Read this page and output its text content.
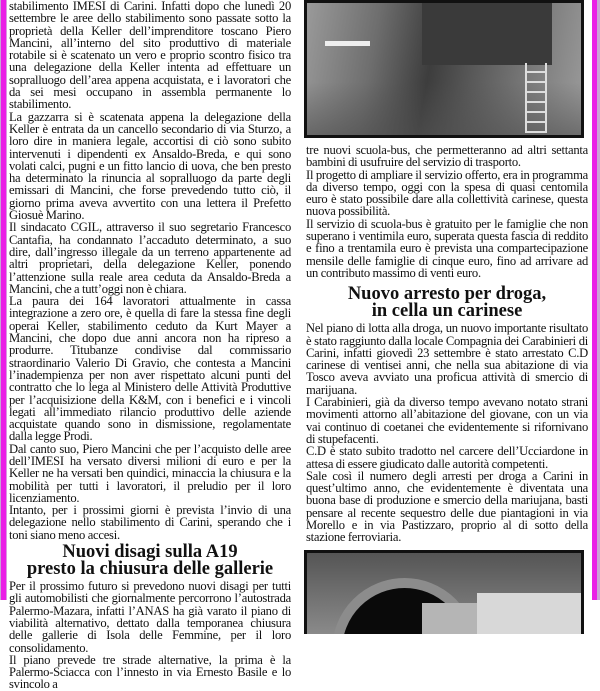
stabilimento IMESI di Carini. Infatti dopo che lunedì 20 settembre le aree dello stabilimento sono passate sotto la proprietà della Keller dell’imprenditore toscano Piero Mancini, all’interno del sito produttivo di materiale rotabile si è scatenato un vero e proprio scontro fisico tra una delegazione della Keller intenta ad effettuare un sopralluogo dell’area appena acquistata, e i lavoratori che da sei mesi occupano in assembla permanente lo stabilimento.

La gazzarra si è scatenata appena la delegazione della Keller è entrata da un cancello secondario di via Sturzo, a loro dire in maniera legale, accortisi di ciò sono subito intervenuti i dipendenti ex Ansaldo-Breda, e qui sono volati calci, pugni e un fitto lancio di uova, che ben presto ha determinato la rinuncia al sopralluogo da parte degli emissari di Mancini, che forse prevedendo tutto ciò, il giorno prima aveva avvertito con una lettera il Prefetto Giosuè Marino.

Il sindacato CGIL, attraverso il suo segretario Francesco Cantafia, ha condannato l’accaduto determinato, a suo dire, dall’ingresso illegale da un terreno appartenente ad altri proprietari, della delegazione Keller, ponendo l’attenzione sulla reale area ceduta da Ansaldo-Breda a Mancini, che a tutt’oggi non è chiara.

La paura dei 164 lavoratori attualmente in cassa integrazione a zero ore, è quella di fare la stessa fine degli operai Keller, stabilimento ceduto da Kurt Mayer a Mancini, che dopo due anni ancora non ha ripreso a produrre. Titubanze condivise dal commissario straordinario Valerio Di Gravio, che contesta a Mancini l’inadempienza per non aver rispettato alcuni punti del contratto che lo lega al Ministero delle Attività Produttive per l’acquisizione della K&M, con i benefici e i vincoli legati all’immediato rilancio produttivo delle aziende acquistate quando sono in dismissione, regolamentate dalla legge Prodi.

Dal canto suo, Piero Mancini che per l’acquisto delle aree dell’IMESI ha versato diversi milioni di euro e per la Keller ne ha versati ben quindici, minaccia la chiusura e la mobilità per tutti i lavoratori, il preludio per il loro licenziamento.

Intanto, per i prossimi giorni è prevista l’invio di una delegazione nello stabilimento di Carini, sperando che i toni siano meno accesi.

Nuovi disagi sulla A19
presto la chiusura delle gallerie

Per il prossimo futuro si prevedono nuovi disagi per tutti gli automobilisti che giornalmente percorrono l’autostrada Palermo-Mazara, infatti l’ANAS ha già varato il piano di viabilità alternativo, dettato dalla temporanea chiusura delle gallerie di Isola delle Femmine, per il loro consolidamento.

Il piano prevede tre strade alternative, la prima è la Palermo-Sciacca con l’innesto in via Ernesto Basile e lo svincolo a

tre nuovi scuola-bus, che permetteranno ad altri settanta bambini di usufruire del servizio di trasporto.

Il progetto di ampliare il servizio offerto, era in programma da diverso tempo, oggi con la spesa di quasi centomila euro è stato possibile dare alla collettività carinese, questa nuova possibilità.

Il servizio di scuola-bus è gratuito per le famiglie che non superano i ventimila euro, superata questa fascia di reddito e fino a trentamila euro è prevista una compartecipazione mensile delle famiglie di cinque euro, fino ad arrivare ad un contributo massimo di venti euro.

Nuovo arresto per droga,
in cella un carinese

Nel piano di lotta alla droga, un nuovo importante risultato è stato raggiunto dalla locale Compagnia dei Carabinieri di Carini, infatti giovedì 23 settembre è stato arrestato C.D carinese di ventisei anni, che nella sua abitazione di via Tosco aveva avviato una proficua attività di smercio di marijuana.

I Carabinieri, già da diverso tempo avevano notato strani movimenti attorno all’abitazione del giovane, con un via vai continuo di coetanei che evidentemente si rifornivano di stupefacenti.

C.D è stato subito tradotto nel carcere dell’Ucciardone in attesa di essere giudicato dalle autorità competenti.

Sale così il numero degli arresti per droga a Carini in quest’ultimo anno, che evidentemente è diventata una buona base di produzione e smercio della mariujana, basti pensare al recente sequestro delle due piantagioni in via Morello e in via Pastizzaro, proprio al di sotto della stazione ferroviaria.
